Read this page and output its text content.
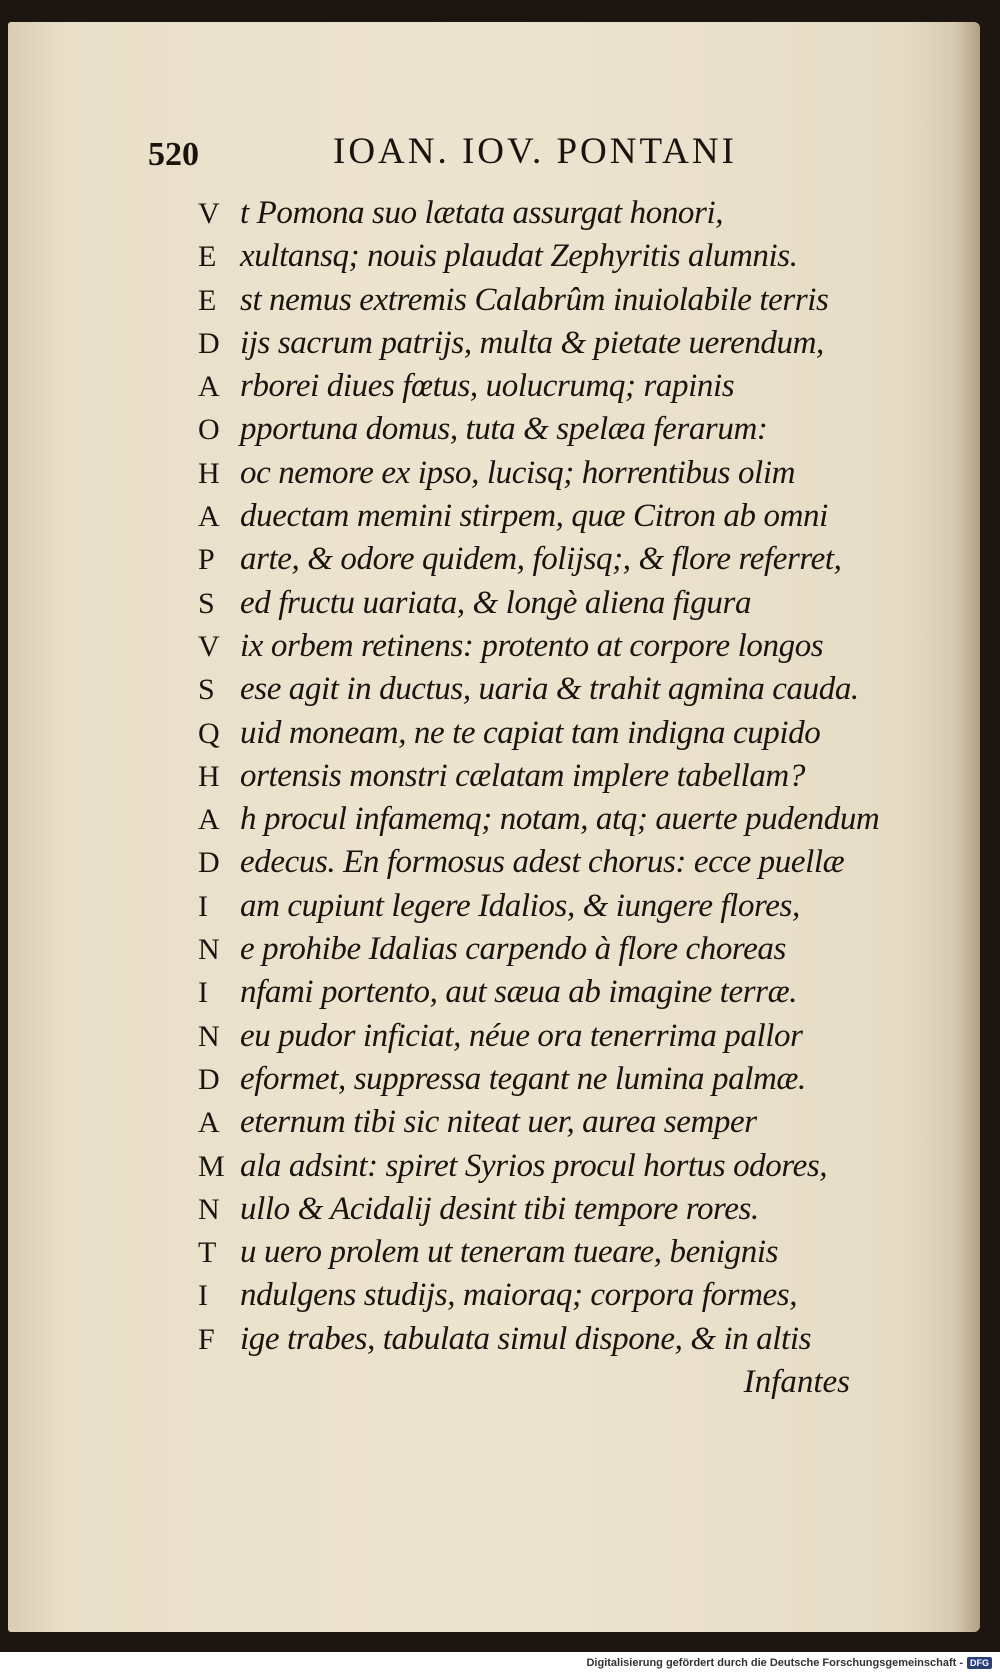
520	IOAN. IOV. PONTANI
V t Pomona suo lætata assurgat honori,
E xultansq; nouis plaudat Zephyritis alumnis.
E st nemus extremis Calabrûm inuiolabile terris
D ijs sacrum patrijs, multa & pietate uerendum,
A rborei diues fœtus, uolucrumq; rapinis
O pportuna domus, tuta & spelæa ferarum:
H oc nemore ex ipso, lucisq; horrentibus olim
A duectam memini stirpem, quæ Citron ab omni
P arte, & odore quidem, folijsq;, & flore referret,
S ed fructu uariata, & longè aliena figura
V ix orbem retinens: protento at corpore longos
S ese agit in ductus, uaria & trahit agmina cauda.
Q uid moneam, ne te capiat tam indigna cupido
H ortensis monstri cælatam implere tabellam?
A h procul infamemq; notam, atq; auerte pudendum
D edecus. En formosus adest chorus: ecce puellæ
I am cupiunt legere Idalios, & iungere flores,
N e prohibe Idalias carpendo à flore choreas
I nfami portento, aut sæua ab imagine terræ.
N eu pudor inficiat, néue ora tenerrima pallor
D eformet, suppressa tegant ne lumina palmæ.
A eternum tibi sic niteat uer, aurea semper
M ala adsint: spiret Syrios procul hortus odores,
N ullo & Acidalij desint tibi tempore rores.
T u uero prolem ut teneram tueare, benignis
I ndulgens studijs, maioraq; corpora formes,
F ige trabes, tabulata simul dispone, & in altis
Infantes
Digitalisierung gefördert durch die Deutsche Forschungsgemeinschaft - DFG
